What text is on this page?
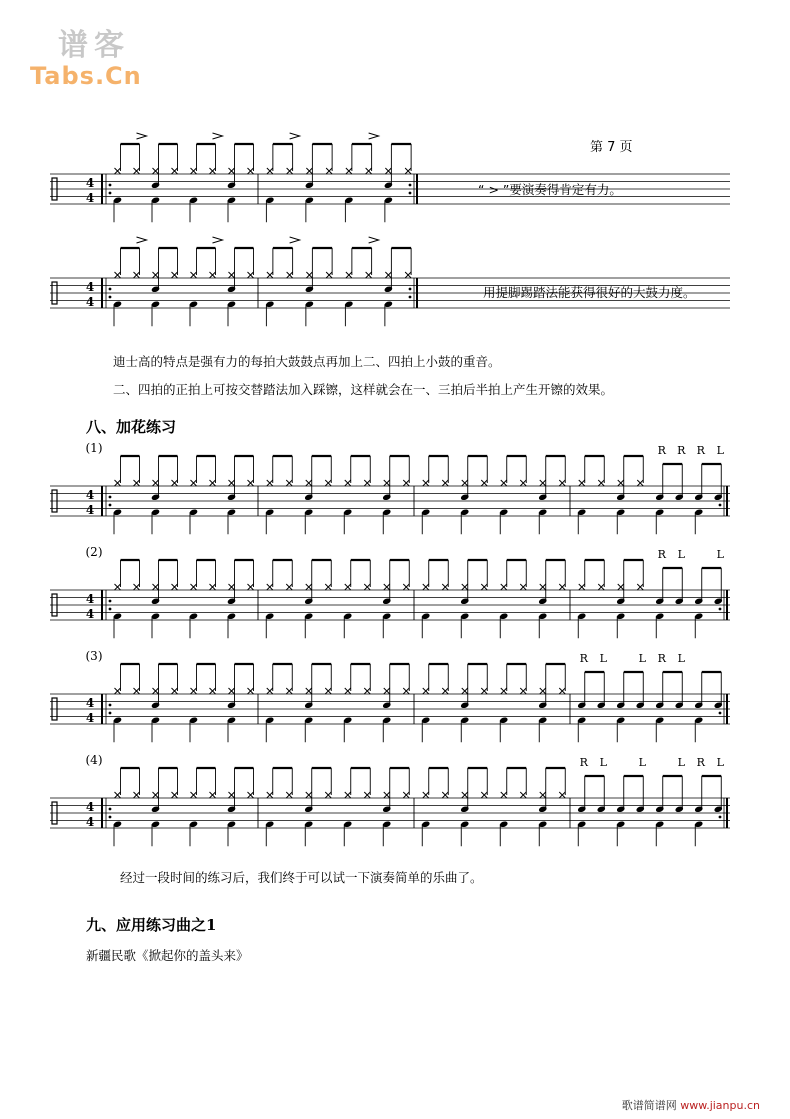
谱客
Tabs.Cn
第 7 页
4
4
“ > ”要演奏得肯定有力。
4
4
用提脚踢踏法能获得很好的大鼓力度。
迪士高的特点是强有力的每拍大鼓鼓点再加上二、四拍上小鼓的重音。
二、四拍的正拍上可按交替踏法加入踩镲，这样就会在一、三拍后半拍上产生开镲的效果。
八、加花练习
4
4
R R R L
(1)
4
4
R L	L
(2)
4
4
R L	L R L
(3)
4
4
R L	L	L R L
(4)
经过一段时间的练习后，我们终于可以试一下演奏简单的乐曲了。
九、应用练习曲之1
新疆民歌《掀起你的盖头来》
歌谱简谱网 www.jianpu.cn
